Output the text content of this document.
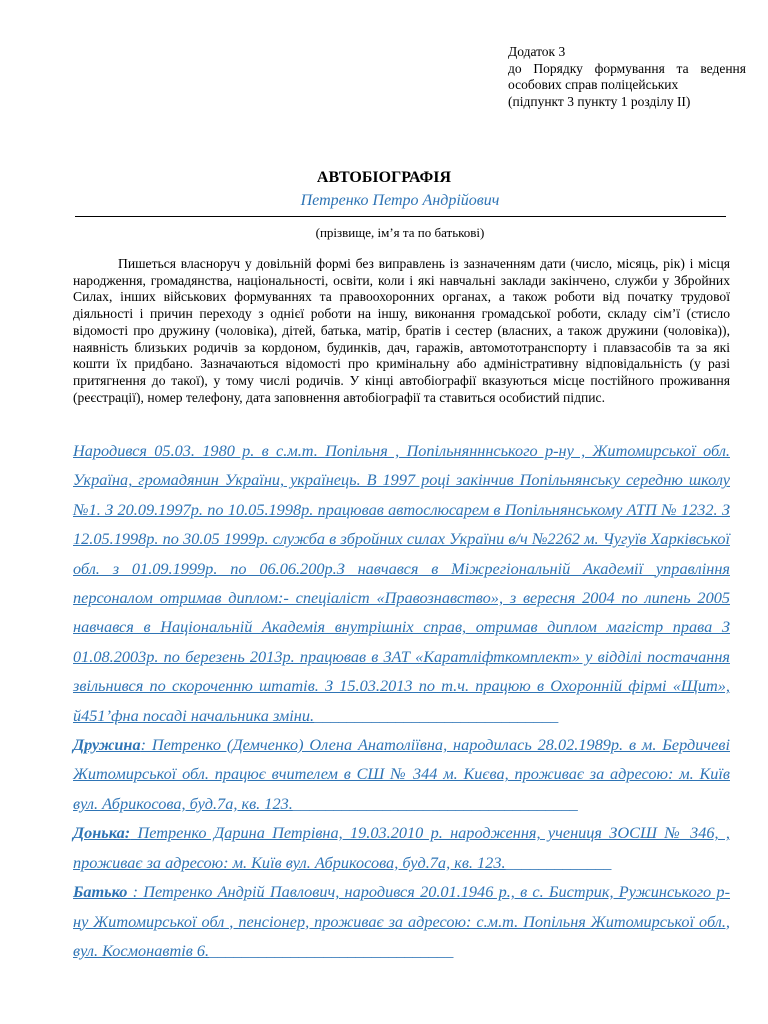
Додаток 3
до Порядку формування та ведення
особових справ поліцейських
(підпункт 3 пункту 1 розділу ІІ)
АВТОБІОГРАФІЯ
Петренко Петро Андрійович
(прізвище, ім’я та по батькові)
Пишеться власноруч у довільній формі без виправлень із зазначенням дати (число, місяць, рік) і місця народження, громадянства, національності, освіти, коли і які навчальні заклади закінчено, служби у Збройних Силах, інших військових формуваннях та правоохоронних органах, а також роботи від початку трудової діяльності і причин переходу з однієї роботи на іншу, виконання громадської роботи, складу сім’ї (стисло відомості про дружину (чоловіка), дітей, батька, матір, братів і сестер (власних, а також дружини (чоловіка)), наявність близьких родичів за кордоном, будинків, дач, гаражів, автомототранспорту і плавзасобів та за які кошти їх придбано. Зазначаються відомості про кримінальну або адміністративну відповідальність (у разі притягнення до такої), у тому числі родичів. У кінці автобіографії вказуються місце постійного проживання (реєстрації), номер телефону, дата заповнення автобіографії та ставиться особистий підпис.

Народився 05.03. 1980 р. в с.м.т. Попільня , Попільнянннського р-ну , Житомирської обл. Україна, громадянин України, українець. В 1997 році закінчив Попільнянську середню школу №1. З 20.09.1997р. по 10.05.1998р. працював автослюсарем в Попільнянському АТП № 1232. З 12.05.1998р. по 30.05 1999р. служба в збройних силах України в/ч №2262 м. Чугуїв Харківської обл. з 01.09.1999р. по 06.06.200р.З навчався в Міжрегіональній Академії управління персоналом отримав диплом:- спеціаліст «Правознавство», з вересня 2004 по липень 2005 навчався в Національній Академія внутрішніх справ, отримав диплом магістр права З 01.08.2003р. по березень 2013р. працював в ЗАТ «Каратліфткомплект» у відділі постачання звільнився по скороченню штатів. З 15.03.2013 по т.ч. працюю в Охоронній фірмі «Щит», й451’фна посаді начальника зміни.______________________________

Дружина: Петренко (Демченко) Олена Анатоліївна, народилась 28.02.1989р. в м. Бердичеві Житомирської обл. працює вчителем в СШ № 344 м. Києва, проживає за адресою: м. Київ вул. Абрикосова, буд.7а, кв. 123.___________________________________

Донька: Петренко Дарина Петрівна, 19.03.2010 р. народження, учениця ЗОСШ № 346, , проживає за адресою: м. Київ вул. Абрикосова, буд.7а, кв. 123._____________

Батько : Петренко Андрій Павлович, народився 20.01.1946 р., в с. Бистрик, Ружинського р-ну Житомирської обл , пенсіонер, проживає за адресою: с.м.т. Попільня Житомирської обл., вул. Космонавтів 6.______________________________
